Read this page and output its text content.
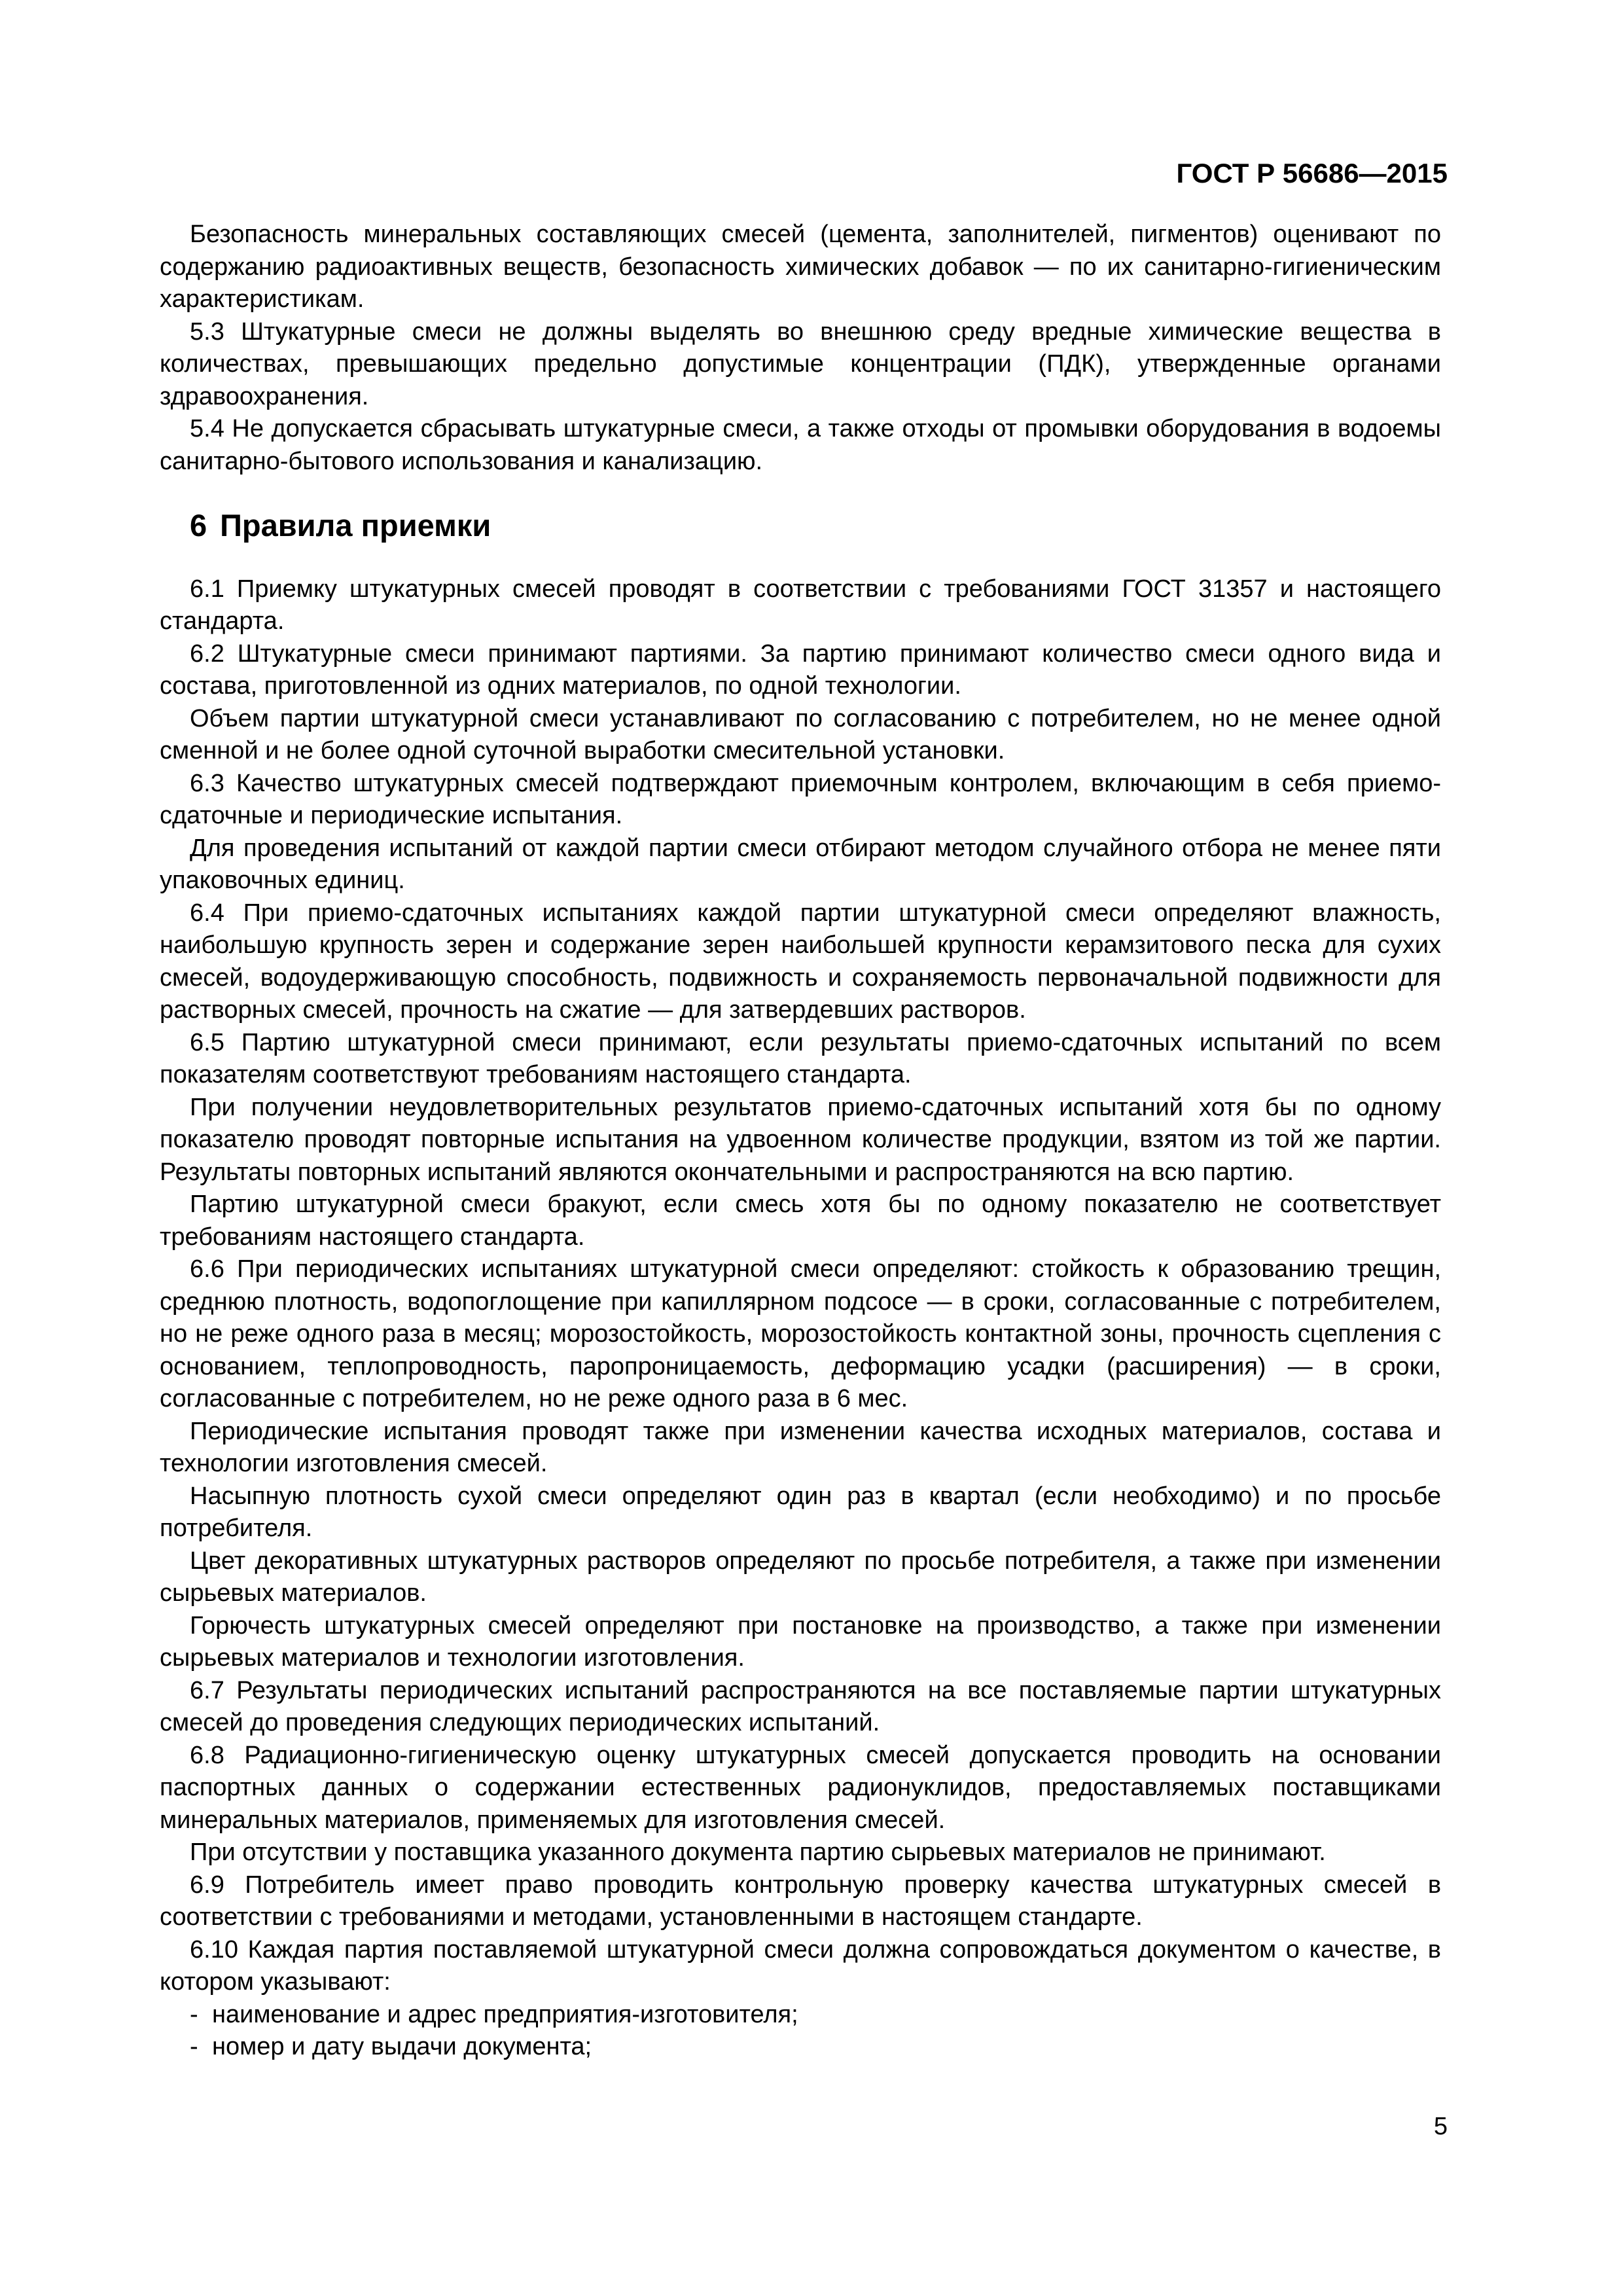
ГОСТ Р 56686—2015

Безопасность минеральных составляющих смесей (цемента, заполнителей, пигментов) оценивают по содержанию радиоактивных веществ, безопасность химических добавок — по их санитарно-гигиеническим характеристикам.

5.3 Штукатурные смеси не должны выделять во внешнюю среду вредные химические вещества в количествах, превышающих предельно допустимые концентрации (ПДК), утвержденные органами здравоохранения.

5.4 Не допускается сбрасывать штукатурные смеси, а также отходы от промывки оборудования в водоемы санитарно-бытового использования и канализацию.

6 Правила приемки

6.1 Приемку штукатурных смесей проводят в соответствии с требованиями ГОСТ 31357 и настоящего стандарта.

6.2 Штукатурные смеси принимают партиями. За партию принимают количество смеси одного вида и состава, приготовленной из одних материалов, по одной технологии.

Объем партии штукатурной смеси устанавливают по согласованию с потребителем, но не менее одной сменной и не более одной суточной выработки смесительной установки.

6.3 Качество штукатурных смесей подтверждают приемочным контролем, включающим в себя приемо-сдаточные и периодические испытания.

Для проведения испытаний от каждой партии смеси отбирают методом случайного отбора не менее пяти упаковочных единиц.

6.4 При приемо-сдаточных испытаниях каждой партии штукатурной смеси определяют влажность, наибольшую крупность зерен и содержание зерен наибольшей крупности керамзитового песка для сухих смесей, водоудерживающую способность, подвижность и сохраняемость первоначальной подвижности для растворных смесей, прочность на сжатие — для затвердевших растворов.

6.5 Партию штукатурной смеси принимают, если результаты приемо-сдаточных испытаний по всем показателям соответствуют требованиям настоящего стандарта.

При получении неудовлетворительных результатов приемо-сдаточных испытаний хотя бы по одному показателю проводят повторные испытания на удвоенном количестве продукции, взятом из той же партии. Результаты повторных испытаний являются окончательными и распространяются на всю партию.

Партию штукатурной смеси бракуют, если смесь хотя бы по одному показателю не соответствует требованиям настоящего стандарта.

6.6 При периодических испытаниях штукатурной смеси определяют: стойкость к образованию трещин, среднюю плотность, водопоглощение при капиллярном подсосе — в сроки, согласованные с потребителем, но не реже одного раза в месяц; морозостойкость, морозостойкость контактной зоны, прочность сцепления с основанием, теплопроводность, паропроницаемость, деформацию усадки (расширения) — в сроки, согласованные с потребителем, но не реже одного раза в 6 мес.

Периодические испытания проводят также при изменении качества исходных материалов, состава и технологии изготовления смесей.

Насыпную плотность сухой смеси определяют один раз в квартал (если необходимо) и по просьбе потребителя.

Цвет декоративных штукатурных растворов определяют по просьбе потребителя, а также при изменении сырьевых материалов.

Горючесть штукатурных смесей определяют при постановке на производство, а также при изменении сырьевых материалов и технологии изготовления.

6.7 Результаты периодических испытаний распространяются на все поставляемые партии штукатурных смесей до проведения следующих периодических испытаний.

6.8 Радиационно-гигиеническую оценку штукатурных смесей допускается проводить на основании паспортных данных о содержании естественных радионуклидов, предоставляемых поставщиками минеральных материалов, применяемых для изготовления смесей.

При отсутствии у поставщика указанного документа партию сырьевых материалов не принимают.

6.9 Потребитель имеет право проводить контрольную проверку качества штукатурных смесей в соответствии с требованиями и методами, установленными в настоящем стандарте.

6.10 Каждая партия поставляемой штукатурной смеси должна сопровождаться документом о качестве, в котором указывают:

- наименование и адрес предприятия-изготовителя;
- номер и дату выдачи документа;
5
